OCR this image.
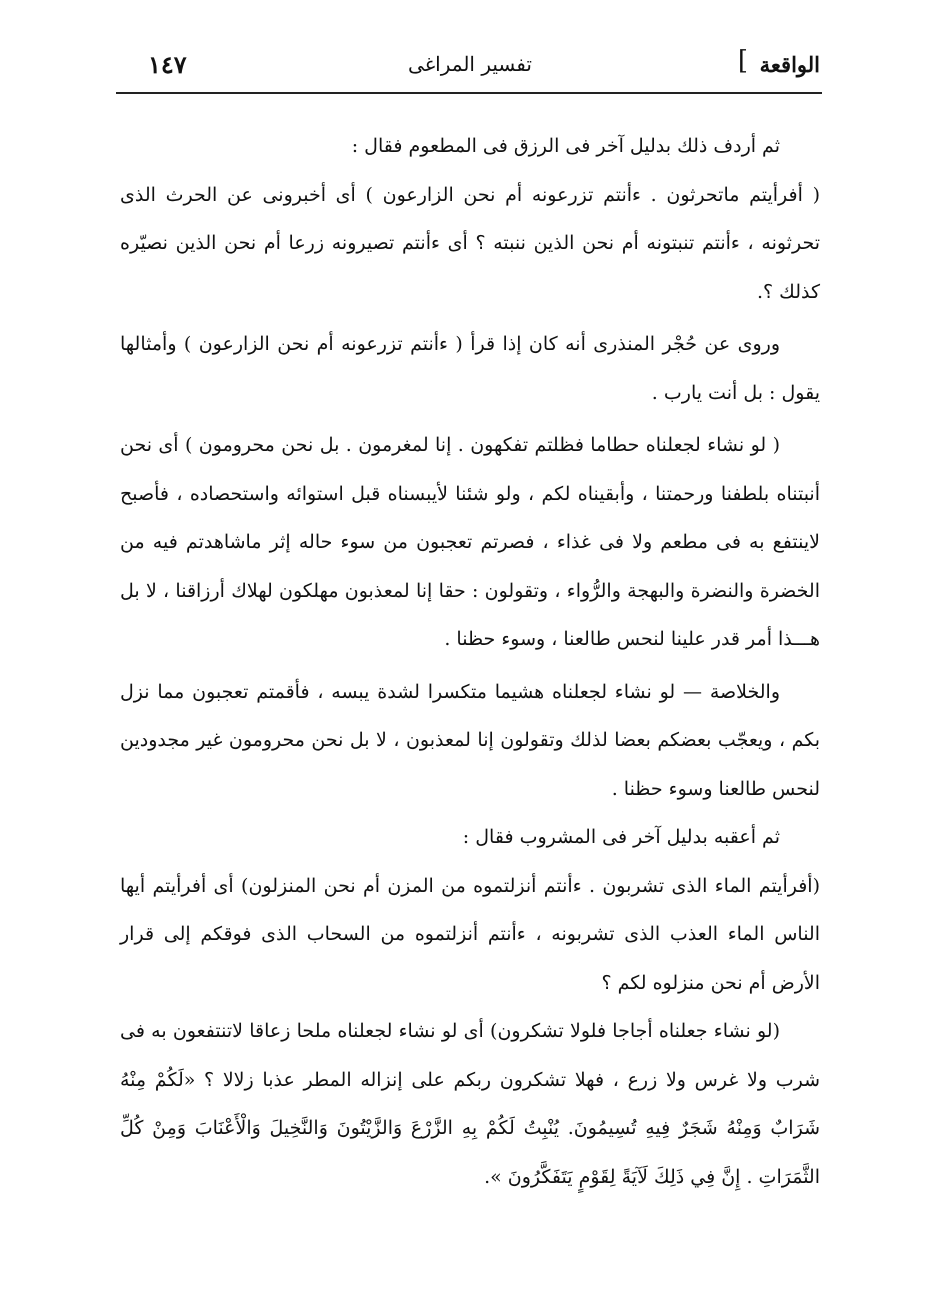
الواقعة
]
تفسير المراغى
١٤٧

ثم أردف ذلك بدليل آخر فى الرزق فى المطعوم فقال :

( أفرأيتم ماتحرثون . ءأنتم تزرعونه أم نحن الزارعون ) أى أخبرونى عن الحرث الذى تحرثونه ، ءأنتم تنبتونه أم نحن الذين ننبته ؟ أى ءأنتم تصيرونه زرعا أم نحن الذين نصيّره كذلك ؟.

وروى عن حُجْر المنذرى أنه كان إذا قرأ ( ءأنتم تزرعونه أم نحن الزارعون ) وأمثالها يقول : بل أنت يارب .

( لو نشاء لجعلناه حطاما فظلتم تفكهون . إنا لمغرمون . بل نحن محرومون ) أى نحن أنبتناه بلطفنا ورحمتنا ، وأبقيناه لكم ، ولو شئنا لأيبسناه قبل استوائه واستحصاده ، فأصبح لاينتفع به فى مطعم ولا فى غذاء ، فصرتم تعجبون من سوء حاله إثر ماشاهدتم فيه من الخضرة والنضرة والبهجة والرُّواء ، وتقولون : حقا إنا لمعذبون مهلكون لهلاك أرزاقنا ، لا بل هـــذا أمر قدر علينا لنحس طالعنا ، وسوء حظنا .

والخلاصة — لو نشاء لجعلناه هشيما متكسرا لشدة يبسه ، فأقمتم تعجبون مما نزل بكم ، ويعجّب بعضكم بعضا لذلك وتقولون إنا لمعذبون ، لا بل نحن محرومون غير مجدودين لنحس طالعنا وسوء حظنا .

ثم أعقبه بدليل آخر فى المشروب فقال :

(أفرأيتم الماء الذى تشربون . ءأنتم أنزلتموه من المزن أم نحن المنزلون) أى أفرأيتم أيها الناس الماء العذب الذى تشربونه ، ءأنتم أنزلتموه من السحاب الذى فوقكم إلى قرار الأرض أم نحن منزلوه لكم ؟

(لو نشاء جعلناه أجاجا فلولا تشكرون) أى لو نشاء لجعلناه ملحا زعاقا لاتنتفعون به فى شرب ولا غرس ولا زرع ، فهلا تشكرون ربكم على إنزاله المطر عذبا زلالا ؟ «لَكُمْ مِنْهُ شَرَابٌ وَمِنْهُ شَجَرٌ فِيهِ تُسِيمُونَ. يُنْبِتُ لَكُمْ بِهِ الزَّرْعَ وَالزَّيْتُونَ وَالنَّخِيلَ وَالْأَعْنَابَ وَمِنْ كُلِّ الثَّمَرَاتِ . إِنَّ فِي ذَلِكَ لَآيَةً لِقَوْمٍ يَتَفَكَّرُونَ ».
